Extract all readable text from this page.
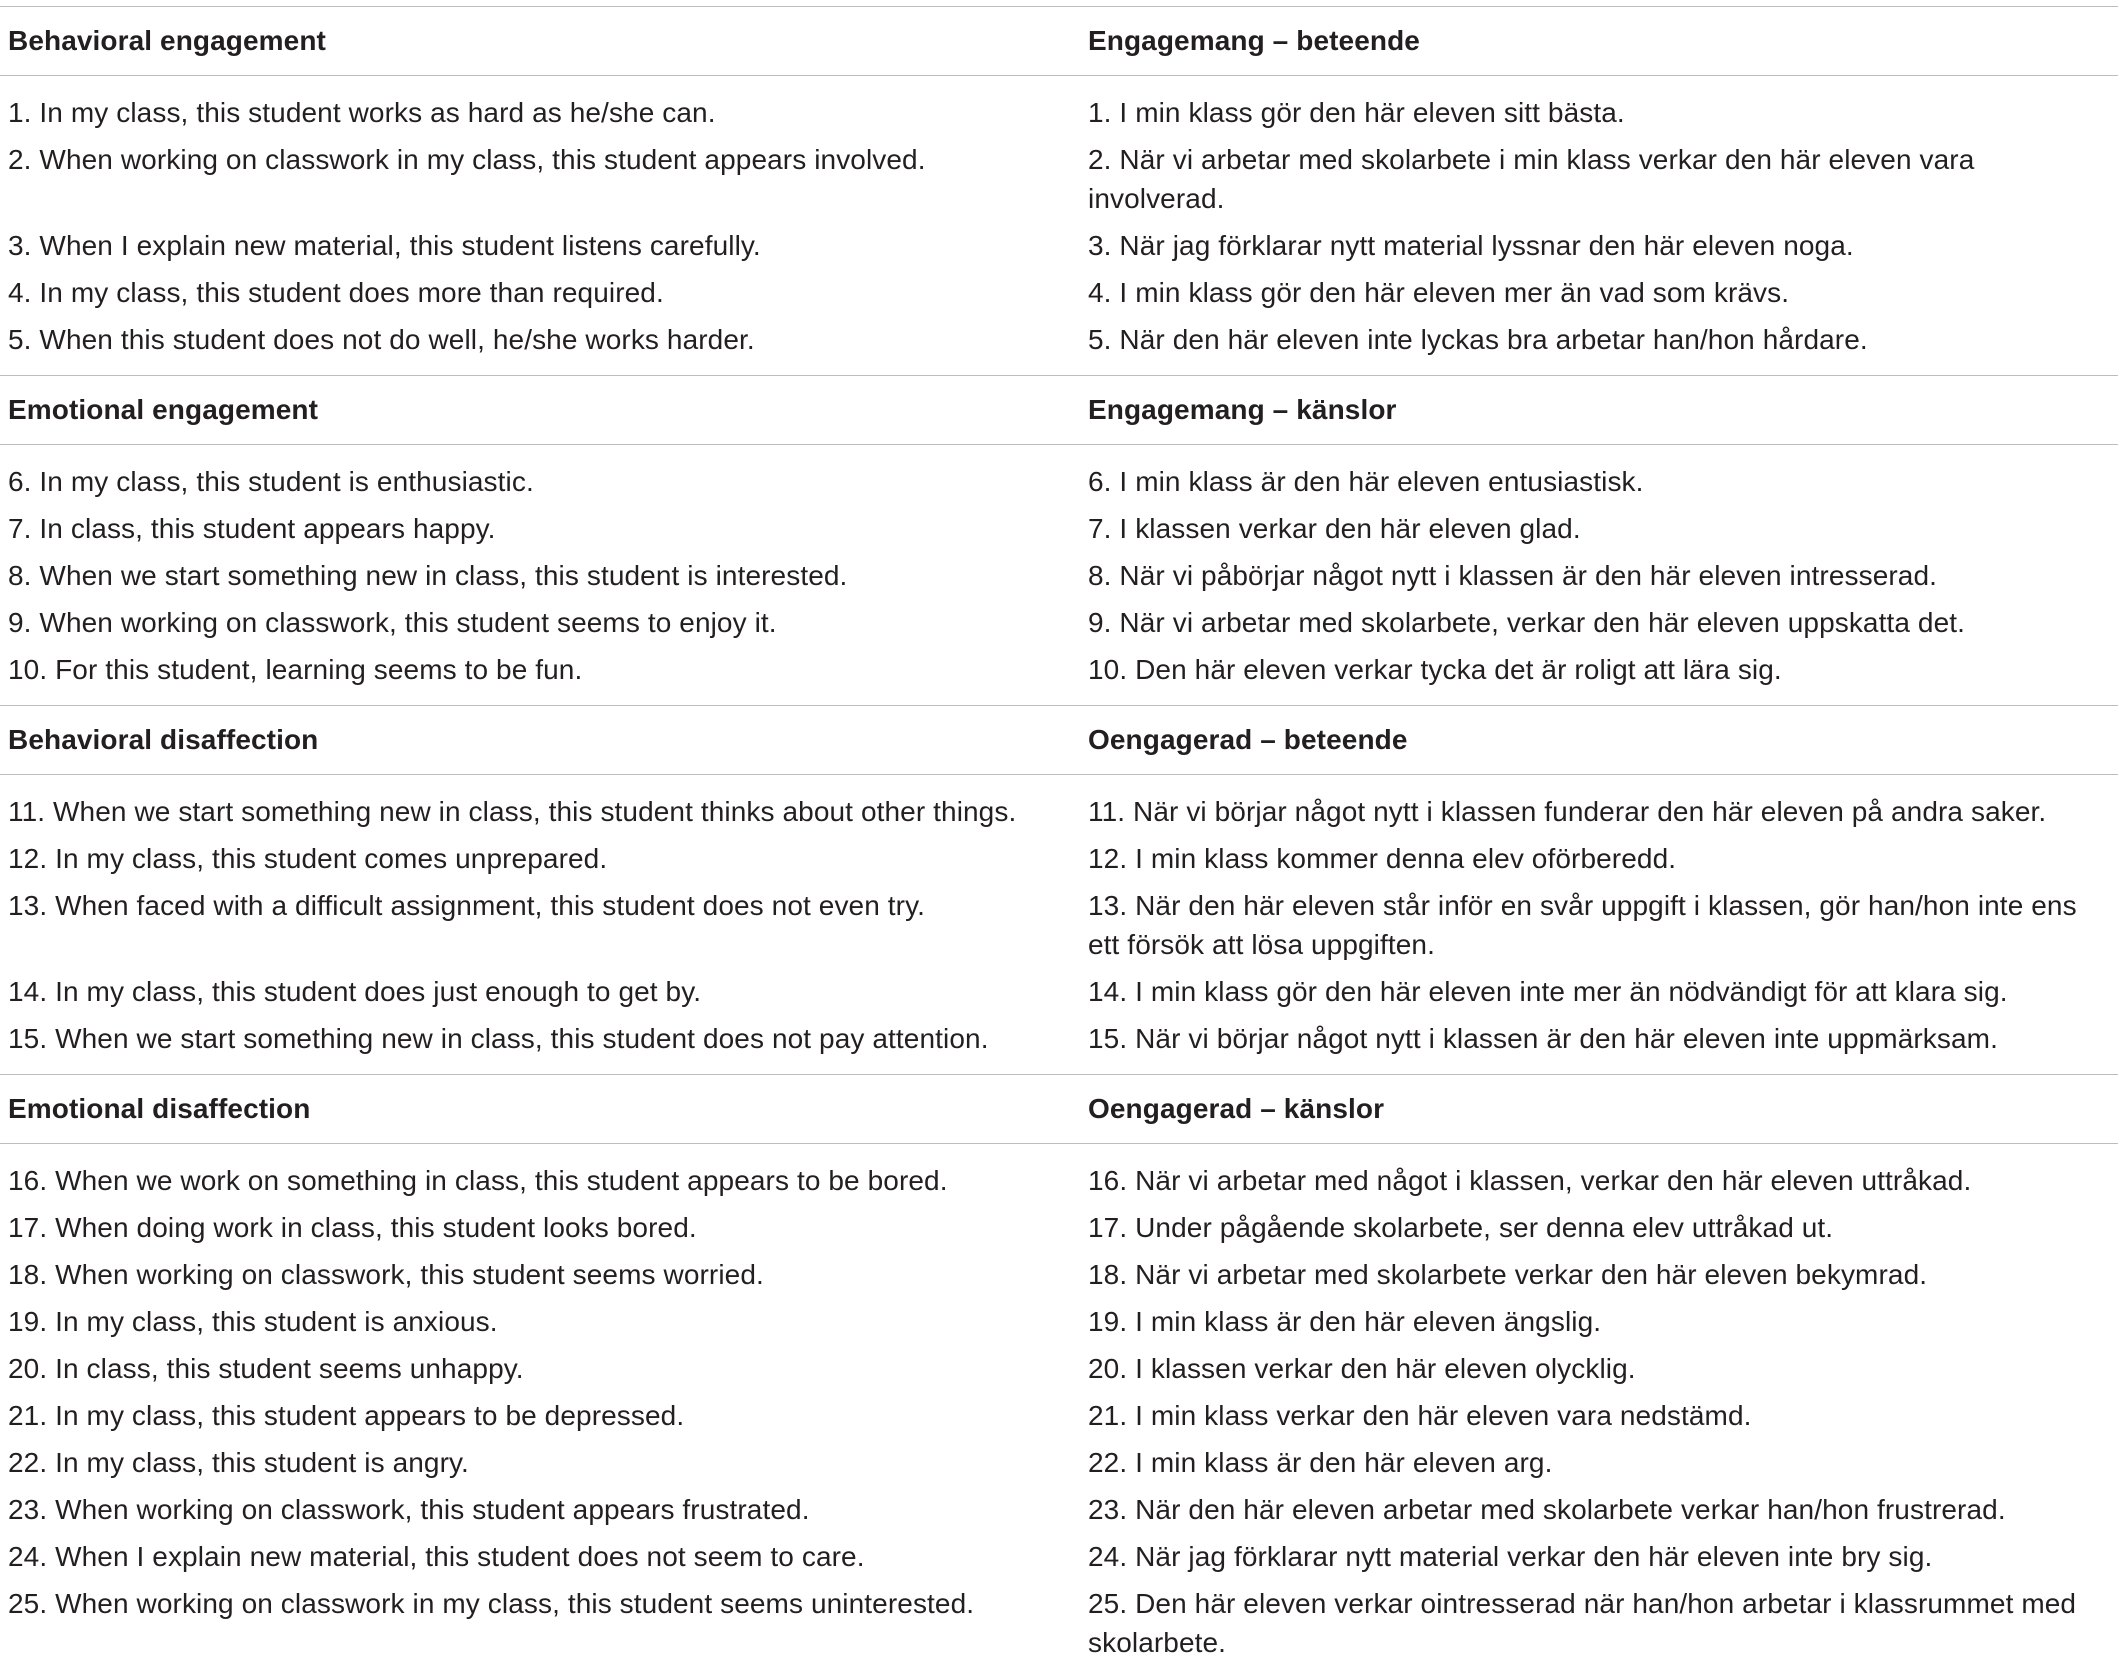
Behavioral engagement	Engagemang – beteende
1. In my class, this student works as hard as he/she can.	1. I min klass gör den här eleven sitt bästa.
2. When working on classwork in my class, this student appears involved.	2. När vi arbetar med skolarbete i min klass verkar den här eleven vara involverad.
3. When I explain new material, this student listens carefully.	3. När jag förklarar nytt material lyssnar den här eleven noga.
4. In my class, this student does more than required.	4. I min klass gör den här eleven mer än vad som krävs.
5. When this student does not do well, he/she works harder.	5. När den här eleven inte lyckas bra arbetar han/hon hårdare.
Emotional engagement	Engagemang – känslor
6. In my class, this student is enthusiastic.	6. I min klass är den här eleven entusiastisk.
7. In class, this student appears happy.	7. I klassen verkar den här eleven glad.
8. When we start something new in class, this student is interested.	8. När vi påbörjar något nytt i klassen är den här eleven intresserad.
9. When working on classwork, this student seems to enjoy it.	9. När vi arbetar med skolarbete, verkar den här eleven uppskatta det.
10. For this student, learning seems to be fun.	10. Den här eleven verkar tycka det är roligt att lära sig.
Behavioral disaffection	Oengagerad – beteende
11. When we start something new in class, this student thinks about other things.	11. När vi börjar något nytt i klassen funderar den här eleven på andra saker.
12. In my class, this student comes unprepared.	12. I min klass kommer denna elev oförberedd.
13. When faced with a difficult assignment, this student does not even try.	13. När den här eleven står inför en svår uppgift i klassen, gör han/hon inte ens ett försök att lösa uppgiften.
14. In my class, this student does just enough to get by.	14. I min klass gör den här eleven inte mer än nödvändigt för att klara sig.
15. When we start something new in class, this student does not pay attention.	15. När vi börjar något nytt i klassen är den här eleven inte uppmärksam.
Emotional disaffection	Oengagerad – känslor
16. When we work on something in class, this student appears to be bored.	16. När vi arbetar med något i klassen, verkar den här eleven uttråkad.
17. When doing work in class, this student looks bored.	17. Under pågående skolarbete, ser denna elev uttråkad ut.
18. When working on classwork, this student seems worried.	18. När vi arbetar med skolarbete verkar den här eleven bekymrad.
19. In my class, this student is anxious.	19. I min klass är den här eleven ängslig.
20. In class, this student seems unhappy.	20. I klassen verkar den här eleven olycklig.
21. In my class, this student appears to be depressed.	21. I min klass verkar den här eleven vara nedstämd.
22. In my class, this student is angry.	22. I min klass är den här eleven arg.
23. When working on classwork, this student appears frustrated.	23. När den här eleven arbetar med skolarbete verkar han/hon frustrerad.
24. When I explain new material, this student does not seem to care.	24. När jag förklarar nytt material verkar den här eleven inte bry sig.
25. When working on classwork in my class, this student seems uninterested.	25. Den här eleven verkar ointresserad när han/hon arbetar i klassrummet med skolarbete.
